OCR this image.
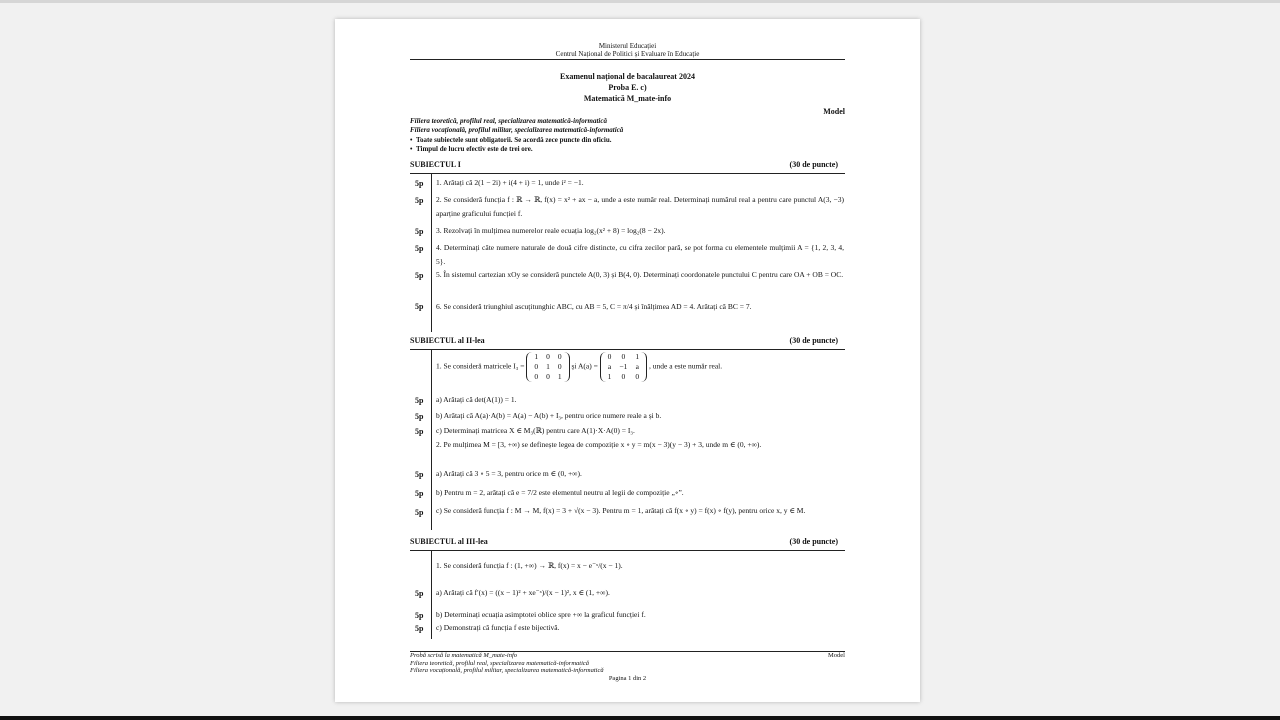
Ministerul Educației
Centrul Național de Politici și Evaluare în Educație
Examenul național de bacalaureat 2024
Proba E. c)
Matematică M_mate-info
Model
Filiera teoretică, profilul real, specializarea matematică-informatică
Filiera vocațională, profilul militar, specializarea matematică-informatică
•  Toate subiectele sunt obligatorii. Se acordă zece puncte din oficiu.
•  Timpul de lucru efectiv este de trei ore.
SUBIECTUL I	(30 de puncte)
5p 1. Arătați că 2(1 − 2i) + i(4 + i) = 1, unde i² = −1.
5p 2. Se consideră funcția f : ℝ → ℝ, f(x) = x² + ax − a, unde a este număr real. Determinați numărul real a pentru care punctul A(3, −3) aparține graficului funcției f.
5p 3. Rezolvați în mulțimea numerelor reale ecuația log₂(x² + 8) = log₂(8 − 2x).
5p 4. Determinați câte numere naturale de două cifre distincte, cu cifra zecilor pară, se pot forma cu elementele mulțimii A = {1, 2, 3, 4, 5}.
5p 5. În sistemul cartezian xOy se consideră punctele A(0, 3) și B(4, 0). Determinați coordonatele punctului C pentru care OA + OB = OC.
5p 6. Se consideră triunghiul ascuțitunghic ABC, cu AB = 5, C = π/4 și înălțimea AD = 4. Arătați că BC = 7.
SUBIECTUL al II-lea	(30 de puncte)
1. Se consideră matricele I₃ =
1	0	0
0	1	0
0	0	1
și A(a) =
0	0	1
a	−1	a
1	0	0
, unde a este număr real.
5p a) Arătați că det(A(1)) = 1.
5p b) Arătați că A(a)·A(b) = A(a) − A(b) + I₃, pentru orice numere reale a și b.
5p c) Determinați matricea X ∈ M₃(ℝ) pentru care A(1)·X·A(0) = I₃.
2. Pe mulțimea M = [3, +∞) se definește legea de compoziție x ∘ y = m(x − 3)(y − 3) + 3, unde m ∈ (0, +∞).
5p a) Arătați că 3 ∘ 5 = 3, pentru orice m ∈ (0, +∞).
5p b) Pentru m = 2, arătați că e = 7/2 este elementul neutru al legii de compoziție „∘”.
5p c) Se consideră funcția f : M → M, f(x) = 3 + √(x − 3). Pentru m = 1, arătați că f(x ∘ y) = f(x) ∘ f(y), pentru orice x, y ∈ M.
SUBIECTUL al III-lea	(30 de puncte)
1. Se consideră funcția f : (1, +∞) → ℝ, f(x) = x − e⁻ˣ/(x − 1).
5p a) Arătați că f′(x) = ((x − 1)² + xe⁻ˣ)/(x − 1)², x ∈ (1, +∞).
5p b) Determinați ecuația asimptotei oblice spre +∞ la graficul funcției f.
5p c) Demonstrați că funcția f este bijectivă.
Probă scrisă la matematică M_mate-info	Model
Filiera teoretică, profilul real, specializarea matematică-informatică
Filiera vocațională, profilul militar, specializarea matematică-informatică
Pagina 1 din 2
